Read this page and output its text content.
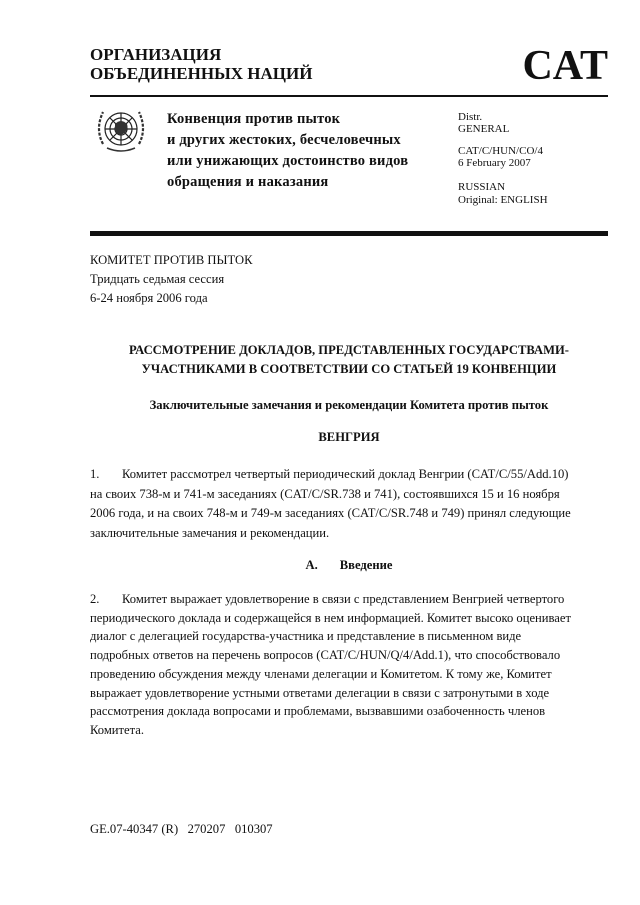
ОРГАНИЗАЦИЯ
ОБЪЕДИНЕННЫХ НАЦИЙ	CAT
Конвенция против пыток
и других жестоких, бесчеловечных
или унижающих достоинство видов
обращения и наказания
Distr.
GENERAL
CAT/C/HUN/CO/4
6 February 2007
RUSSIAN
Original: ENGLISH
КОМИТЕТ ПРОТИВ ПЫТОК
Тридцать седьмая сессия
6-24 ноября 2006 года
РАССМОТРЕНИЕ ДОКЛАДОВ, ПРЕДСТАВЛЕННЫХ ГОСУДАРСТВАМИ-
УЧАСТНИКАМИ В СООТВЕТСТВИИ СО СТАТЬЕЙ 19 КОНВЕНЦИИ
Заключительные замечания и рекомендации Комитета против пыток
ВЕНГРИЯ
1. Комитет рассмотрел четвертый периодический доклад Венгрии (CAT/C/55/Add.10)
на своих 738-м и 741-м заседаниях (CAT/C/SR.738 и 741), состоявшихся 15 и 16 ноября
2006 года, и на своих 748-м и 749-м заседаниях (CAT/C/SR.748 и 749) принял следующие
заключительные замечания и рекомендации.
A. Введение
2. Комитет выражает удовлетворение в связи с представлением Венгрией четвертого
периодического доклада и содержащейся в нем информацией. Комитет высоко оценивает
диалог с делегацией государства-участника и представление в письменном виде
подробных ответов на перечень вопросов (CAT/C/HUN/Q/4/Add.1), что способствовало
проведению обсуждения между членами делегации и Комитетом. К тому же, Комитет
выражает удовлетворение устными ответами делегации в связи с затронутыми в ходе
рассмотрения доклада вопросами и проблемами, вызвавшими озабоченность членов
Комитета.
GE.07-40347 (R)   270207   010307
